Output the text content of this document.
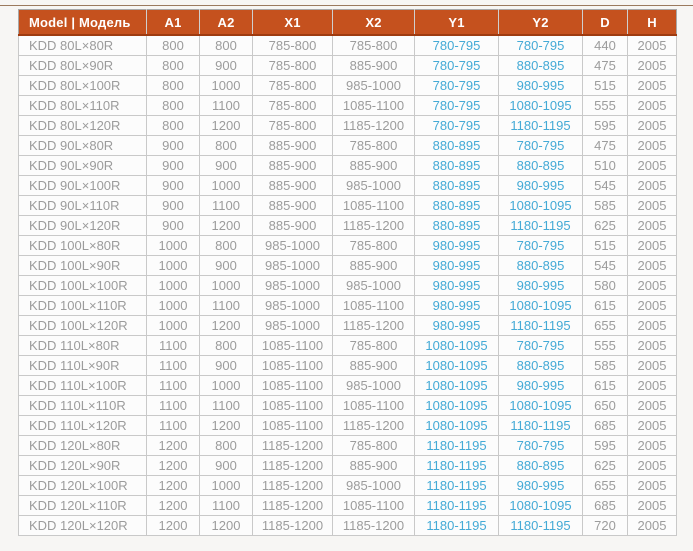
Model | Модель	A1	A2	X1	X2	Y1	Y2	D	H
KDD 80L×80R	800	800	785-800	785-800	780-795	780-795	440	2005
KDD 80L×90R	800	900	785-800	885-900	780-795	880-895	475	2005
KDD 80L×100R	800	1000	785-800	985-1000	780-795	980-995	515	2005
KDD 80L×110R	800	1100	785-800	1085-1100	780-795	1080-1095	555	2005
KDD 80L×120R	800	1200	785-800	1185-1200	780-795	1180-1195	595	2005
KDD 90L×80R	900	800	885-900	785-800	880-895	780-795	475	2005
KDD 90L×90R	900	900	885-900	885-900	880-895	880-895	510	2005
KDD 90L×100R	900	1000	885-900	985-1000	880-895	980-995	545	2005
KDD 90L×110R	900	1100	885-900	1085-1100	880-895	1080-1095	585	2005
KDD 90L×120R	900	1200	885-900	1185-1200	880-895	1180-1195	625	2005
KDD 100L×80R	1000	800	985-1000	785-800	980-995	780-795	515	2005
KDD 100L×90R	1000	900	985-1000	885-900	980-995	880-895	545	2005
KDD 100L×100R	1000	1000	985-1000	985-1000	980-995	980-995	580	2005
KDD 100L×110R	1000	1100	985-1000	1085-1100	980-995	1080-1095	615	2005
KDD 100L×120R	1000	1200	985-1000	1185-1200	980-995	1180-1195	655	2005
KDD 110L×80R	1100	800	1085-1100	785-800	1080-1095	780-795	555	2005
KDD 110L×90R	1100	900	1085-1100	885-900	1080-1095	880-895	585	2005
KDD 110L×100R	1100	1000	1085-1100	985-1000	1080-1095	980-995	615	2005
KDD 110L×110R	1100	1100	1085-1100	1085-1100	1080-1095	1080-1095	650	2005
KDD 110L×120R	1100	1200	1085-1100	1185-1200	1080-1095	1180-1195	685	2005
KDD 120L×80R	1200	800	1185-1200	785-800	1180-1195	780-795	595	2005
KDD 120L×90R	1200	900	1185-1200	885-900	1180-1195	880-895	625	2005
KDD 120L×100R	1200	1000	1185-1200	985-1000	1180-1195	980-995	655	2005
KDD 120L×110R	1200	1100	1185-1200	1085-1100	1180-1195	1080-1095	685	2005
KDD 120L×120R	1200	1200	1185-1200	1185-1200	1180-1195	1180-1195	720	2005
